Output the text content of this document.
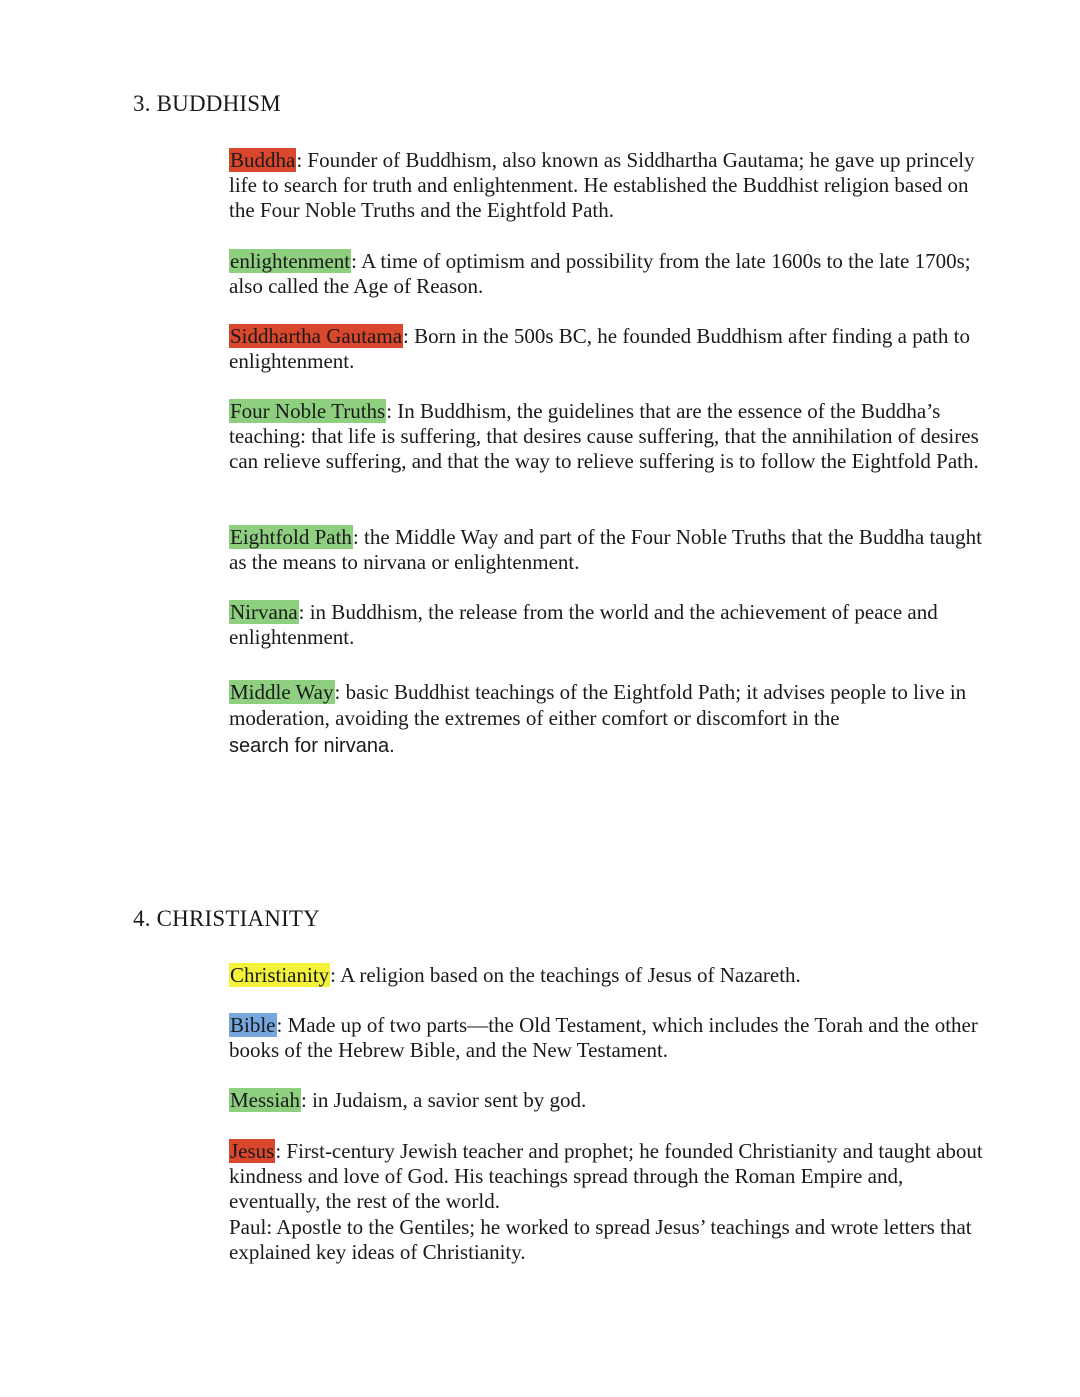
3. BUDDHISM
Buddha: Founder of Buddhism, also known as Siddhartha Gautama; he gave up princely life to search for truth and enlightenment. He established the Buddhist religion based on the Four Noble Truths and the Eightfold Path.
enlightenment: A time of optimism and possibility from the late 1600s to the late 1700s; also called the Age of Reason.
Siddhartha Gautama: Born in the 500s BC, he founded Buddhism after finding a path to enlightenment.
Four Noble Truths: In Buddhism, the guidelines that are the essence of the Buddha’s teaching: that life is suffering, that desires cause suffering, that the annihilation of desires can relieve suffering, and that the way to relieve suffering is to follow the Eightfold Path.
Eightfold Path: the Middle Way and part of the Four Noble Truths that the Buddha taught as the means to nirvana or enlightenment.
Nirvana: in Buddhism, the release from the world and the achievement of peace and enlightenment.
Middle Way: basic Buddhist teachings of the Eightfold Path; it advises people to live in moderation, avoiding the extremes of either comfort or discomfort in the
search for nirvana.
4. CHRISTIANITY
Christianity: A religion based on the teachings of Jesus of Nazareth.
Bible: Made up of two parts—the Old Testament, which includes the Torah and the other books of the Hebrew Bible, and the New Testament.
Messiah: in Judaism, a savior sent by god.
Jesus: First-century Jewish teacher and prophet; he founded Christianity and taught about kindness and love of God. His teachings spread through the Roman Empire and, eventually, the rest of the world.
Paul: Apostle to the Gentiles; he worked to spread Jesus’ teachings and wrote letters that explained key ideas of Christianity.
